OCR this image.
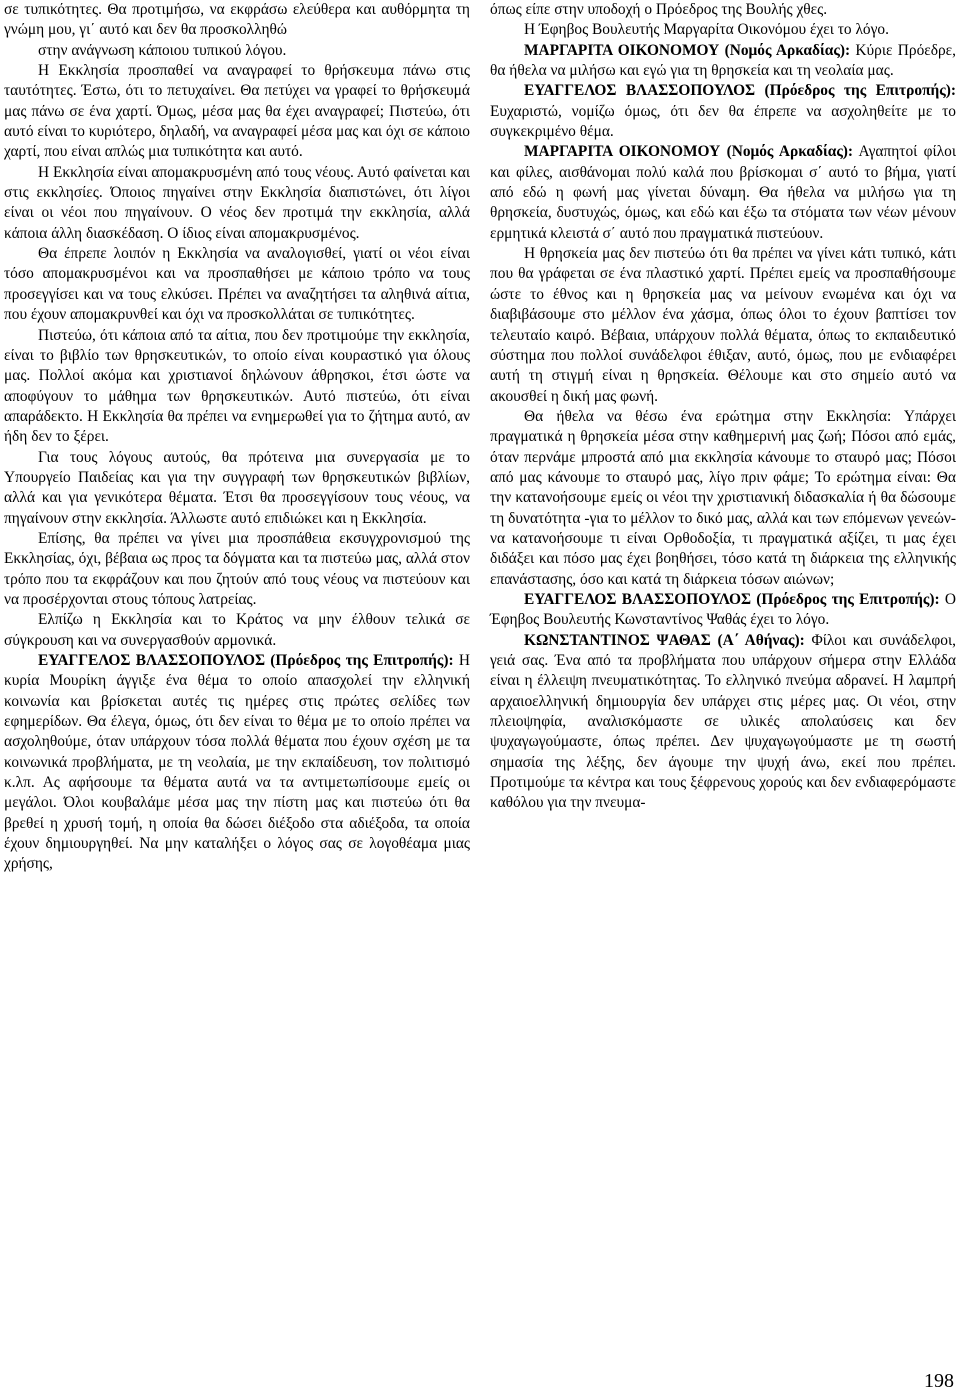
σε τυπικότητες. Θα προτιμήσω, να εκφράσω ελεύθερα και αυθόρμητα τη γνώμη μου, γι΄ αυτό και δεν θα προσκολληθώ

στην ανάγνωση κάποιου τυπικού λόγου.

Η Εκκλησία προσπαθεί να αναγραφεί το θρήσκευμα πάνω στις ταυτότητες. Έστω, ότι το πετυχαίνει. Θα πετύχει να γραφεί το θρήσκευμά μας πάνω σε ένα χαρτί. Όμως, μέσα μας θα έχει αναγραφεί; Πιστεύω, ότι αυτό είναι το κυριότερο, δηλαδή, να αναγραφεί μέσα μας και όχι σε κάποιο χαρτί, που είναι απλώς μια τυπικότητα και αυτό.

Η Εκκλησία είναι απομακρυσμένη από τους νέους. Αυτό φαίνεται και στις εκκλησίες. Όποιος πηγαίνει στην Εκκλησία διαπιστώνει, ότι λίγοι είναι οι νέοι που πηγαίνουν. Ο νέος δεν προτιμά την εκκλησία, αλλά κάποια άλλη διασκέδαση. Ο ίδιος είναι απομακρυσμένος.

Θα έπρεπε λοιπόν η Εκκλησία να αναλογισθεί, γιατί οι νέοι είναι τόσο απομακρυσμένοι και να προσπαθήσει με κάποιο τρόπο να τους προσεγγίσει και να τους ελκύσει. Πρέπει να αναζητήσει τα αληθινά αίτια, που έχουν απομακρυνθεί και όχι να προσκολλάται σε τυπικότητες.

Πιστεύω, ότι κάποια από τα αίτια, που δεν προτιμούμε την εκκλησία, είναι το βιβλίο των θρησκευτικών, το οποίο είναι κουραστικό για όλους μας. Πολλοί ακόμα και χριστιανοί δηλώνουν άθρησκοι, έτσι ώστε να αποφύγουν το μάθημα των θρησκευτικών. Αυτό πιστεύω, ότι είναι απαράδεκτο. Η Εκκλησία θα πρέπει να ενημερωθεί για το ζήτημα αυτό, αν ήδη δεν το ξέρει.

Για τους λόγους αυτούς, θα πρότεινα μια συνεργασία με το Υπουργείο Παιδείας και για την συγγραφή των θρησκευτικών βιβλίων, αλλά και για γενικότερα θέματα. Έτσι θα προσεγγίσουν τους νέους, να πηγαίνουν στην εκκλησία. Άλλωστε αυτό επιδιώκει και η Εκκλησία.

Επίσης, θα πρέπει να γίνει μια προσπάθεια εκσυγχρονισμού της Εκκλησίας, όχι, βέβαια ως προς τα δόγματα και τα πιστεύω μας, αλλά στον τρόπο που τα εκφράζουν και που ζητούν από τους νέους να πιστεύουν και να προσέρχονται στους τόπους λατρείας.

Ελπίζω η Εκκλησία και το Κράτος να μην έλθουν τελικά σε σύγκρουση και να συνεργασθούν αρμονικά.

ΕΥΑΓΓΕΛΟΣ ΒΛΑΣΣΟΠΟΥΛΟΣ (Πρόεδρος της Επιτροπής): Η κυρία Μουρίκη άγγιξε ένα θέμα το οποίο απασχολεί την ελληνική κοινωνία και βρίσκεται αυτές τις ημέρες στις πρώτες σελίδες των εφημερίδων. Θα έλεγα, όμως, ότι δεν είναι το θέμα με το οποίο πρέπει να ασχοληθούμε, όταν υπάρχουν τόσα πολλά θέματα που έχουν σχέση με τα κοινωνικά προβλήματα, με τη νεολαία, με την εκπαίδευση, τον πολιτισμό κ.λπ. Ας αφήσουμε τα θέματα αυτά να τα αντιμετωπίσουμε εμείς οι μεγάλοι. Όλοι κουβαλάμε μέσα μας την πίστη μας και πιστεύω ότι θα βρεθεί η χρυσή τομή, η οποία θα δώσει διέξοδο στα αδιέξοδα, τα οποία έχουν δημιουργηθεί. Να μην καταλήξει ο λόγος σας σε λογοθέαμα μιας χρήσης,

όπως είπε στην υποδοχή ο Πρόεδρος της Βουλής χθες.

Η Έφηβος Βουλευτής Μαργαρίτα Οικονόμου έχει το λόγο.

ΜΑΡΓΑΡΙΤΑ ΟΙΚΟΝΟΜΟΥ (Νομός Αρκαδίας): Κύριε Πρόεδρε, θα ήθελα να μιλήσω και εγώ για τη θρησκεία και τη νεολαία μας.

ΕΥΑΓΓΕΛΟΣ ΒΛΑΣΣΟΠΟΥΛΟΣ (Πρόεδρος της Επιτροπής): Ευχαριστώ, νομίζω όμως, ότι δεν θα έπρεπε να ασχοληθείτε με το συγκεκριμένο θέμα.

ΜΑΡΓΑΡΙΤΑ ΟΙΚΟΝΟΜΟΥ (Νομός Αρκαδίας): Αγαπητοί φίλοι και φίλες, αισθάνομαι πολύ καλά που βρίσκομαι σ΄ αυτό το βήμα, γιατί από εδώ η φωνή μας γίνεται δύναμη. Θα ήθελα να μιλήσω για τη θρησκεία, δυστυχώς, όμως, και εδώ και έξω τα στόματα των νέων μένουν ερμητικά κλειστά σ΄ αυτό που πραγματικά πιστεύουν.

Η θρησκεία μας δεν πιστεύω ότι θα πρέπει να γίνει κάτι τυπικό, κάτι που θα γράφεται σε ένα πλαστικό χαρτί. Πρέπει εμείς να προσπαθήσουμε ώστε το έθνος και η θρησκεία μας να μείνουν ενωμένα και όχι να διαβιβάσουμε στο μέλλον ένα χάσμα, όπως όλοι το έχουν βαπτίσει τον τελευταίο καιρό. Βέβαια, υπάρχουν πολλά θέματα, όπως το εκπαιδευτικό σύστημα που πολλοί συνάδελφοι έθιξαν, αυτό, όμως, που με ενδιαφέρει αυτή τη στιγμή είναι η θρησκεία. Θέλουμε και στο σημείο αυτό να ακουσθεί η δική μας φωνή.

Θα ήθελα να θέσω ένα ερώτημα στην Εκκλησία: Υπάρχει πραγματικά η θρησκεία μέσα στην καθημερινή μας ζωή; Πόσοι από εμάς, όταν περνάμε μπροστά από μια εκκλησία κάνουμε το σταυρό μας; Πόσοι από μας κάνουμε το σταυρό μας, λίγο πριν φάμε; Το ερώτημα είναι: Θα την κατανοήσουμε εμείς οι νέοι την χριστιανική διδασκαλία ή θα δώσουμε τη δυνατότητα -για το μέλλον το δικό μας, αλλά και των επόμενων γενεών- να κατανοήσουμε τι είναι Ορθοδοξία, τι πραγματικά αξίζει, τι μας έχει διδάξει και πόσο μας έχει βοηθήσει, τόσο κατά τη διάρκεια της ελληνικής επανάστασης, όσο και κατά τη διάρκεια τόσων αιώνων;

ΕΥΑΓΓΕΛΟΣ ΒΛΑΣΣΟΠΟΥΛΟΣ (Πρόεδρος της Επιτροπής): Ο Έφηβος Βουλευτής Κωνσταντίνος Ψαθάς έχει το λόγο.

ΚΩΝΣΤΑΝΤΙΝΟΣ ΨΑΘΑΣ (Α΄ Αθήνας): Φίλοι και συνάδελφοι, γειά σας. Ένα από τα προβλήματα που υπάρχουν σήμερα στην Ελλάδα είναι η έλλειψη πνευματικότητας. Το ελληνικό πνεύμα αδρανεί. Η λαμπρή αρχαιοελληνική δημιουργία δεν υπάρχει στις μέρες μας. Οι νέοι, στην πλειοψηφία, αναλισκόμαστε σε υλικές απολαύσεις και δεν ψυχαγωγούμαστε, όπως πρέπει. Δεν ψυχαγωγούμαστε με τη σωστή σημασία της λέξης, δεν άγουμε την ψυχή άνω, εκεί που πρέπει. Προτιμούμε τα κέντρα και τους ξέφρενους χορούς και δεν ενδιαφερόμαστε καθόλου για την πνευμα-

198
